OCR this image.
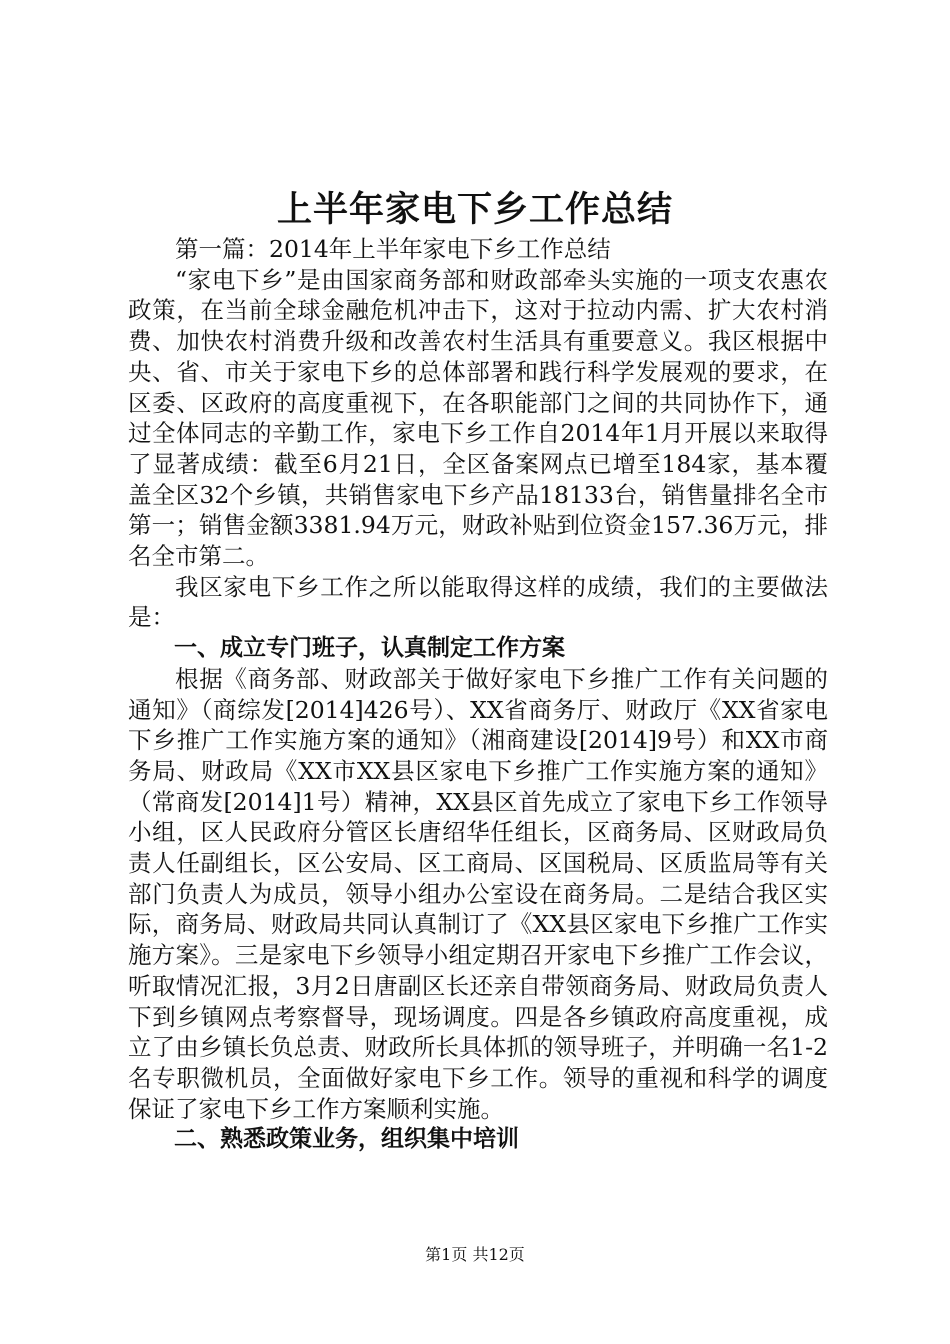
上半年家电下乡工作总结

第一篇：2014年上半年家电下乡工作总结

“家电下乡”是由国家商务部和财政部牵头实施的一项支农惠农政策，在当前全球金融危机冲击下，这对于拉动内需、扩大农村消费、加快农村消费升级和改善农村生活具有重要意义。我区根据中央、省、市关于家电下乡的总体部署和践行科学发展观的要求，在区委、区政府的高度重视下，在各职能部门之间的共同协作下，通过全体同志的辛勤工作，家电下乡工作自2014年1月开展以来取得了显著成绩：截至6月21日，全区备案网点已增至184家，基本覆盖全区32个乡镇，共销售家电下乡产品18133台，销售量排名全市第一；销售金额3381.94万元，财政补贴到位资金157.36万元，排名全市第二。

我区家电下乡工作之所以能取得这样的成绩，我们的主要做法是：

一、成立专门班子，认真制定工作方案

根据《商务部、财政部关于做好家电下乡推广工作有关问题的通知》（商综发[2014]426号）、XX省商务厅、财政厅《XX省家电下乡推广工作实施方案的通知》（湘商建设[2014]9号）和XX市商务局、财政局《XX市XX县区家电下乡推广工作实施方案的通知》（常商发[2014]1号）精神，XX县区首先成立了家电下乡工作领导小组，区人民政府分管区长唐绍华任组长，区商务局、区财政局负责人任副组长，区公安局、区工商局、区国税局、区质监局等有关部门负责人为成员，领导小组办公室设在商务局。二是结合我区实际，商务局、财政局共同认真制订了《XX县区家电下乡推广工作实施方案》。三是家电下乡领导小组定期召开家电下乡推广工作会议，听取情况汇报，3月2日唐副区长还亲自带领商务局、财政局负责人下到乡镇网点考察督导，现场调度。四是各乡镇政府高度重视，成立了由乡镇长负总责、财政所长具体抓的领导班子，并明确一名1-2名专职微机员，全面做好家电下乡工作。领导的重视和科学的调度保证了家电下乡工作方案顺利实施。

二、熟悉政策业务，组织集中培训

第1页 共12页
